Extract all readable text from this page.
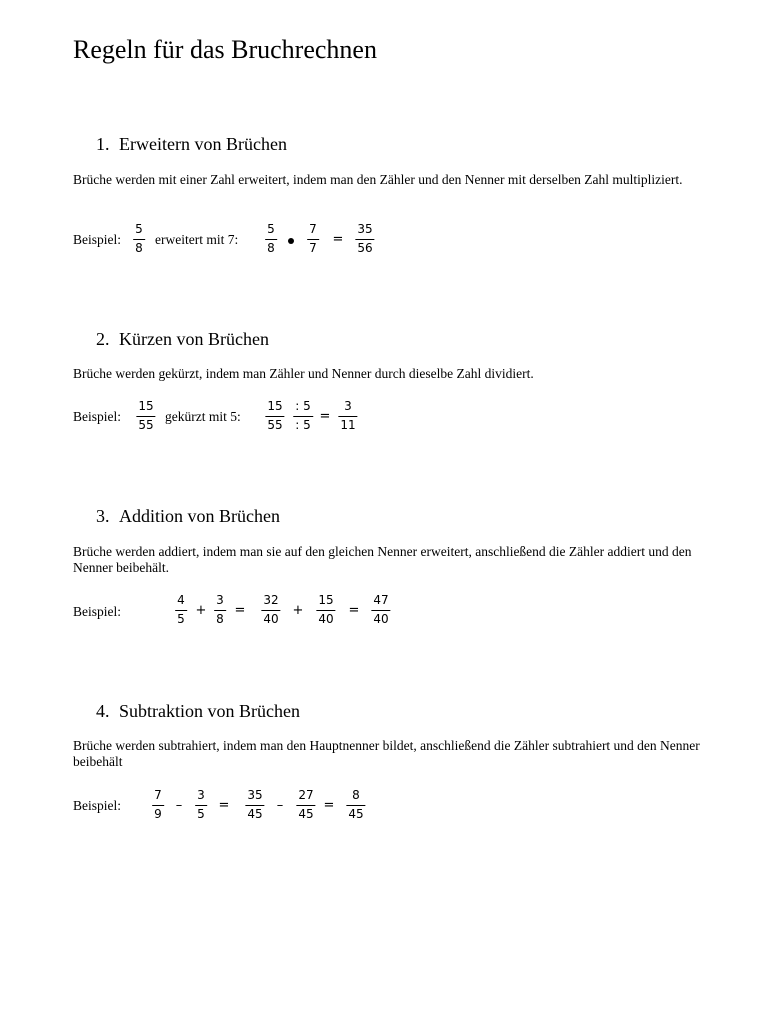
Regeln für das Bruchrechnen
1. Erweitern von Brüchen
Brüche werden mit einer Zahl erweitert, indem man den Zähler und den Nenner mit derselben Zahl multipliziert.
Beispiel:
5
8
erweitert mit 7:
5
8
7
7
=
35
56
2. Kürzen von Brüchen
Brüche werden gekürzt, indem man Zähler und Nenner durch dieselbe Zahl dividiert.
Beispiel:
15
55
gekürzt mit 5:
15
55
: 5
: 5
=
3
11
3. Addition von Brüchen
Brüche werden addiert, indem man sie auf den gleichen Nenner erweitert, anschließend die Zähler addiert und den Nenner beibehält.
Beispiel:
4
5
+
3
8
=
32
40
+
15
40
=
47
40
4. Subtraktion von Brüchen
Brüche werden subtrahiert, indem man den Hauptnenner bildet, anschließend die Zähler subtrahiert und den Nenner beibehält
Beispiel:
7
9
–
3
5
=
35
45
–
27
45
=
8
45
